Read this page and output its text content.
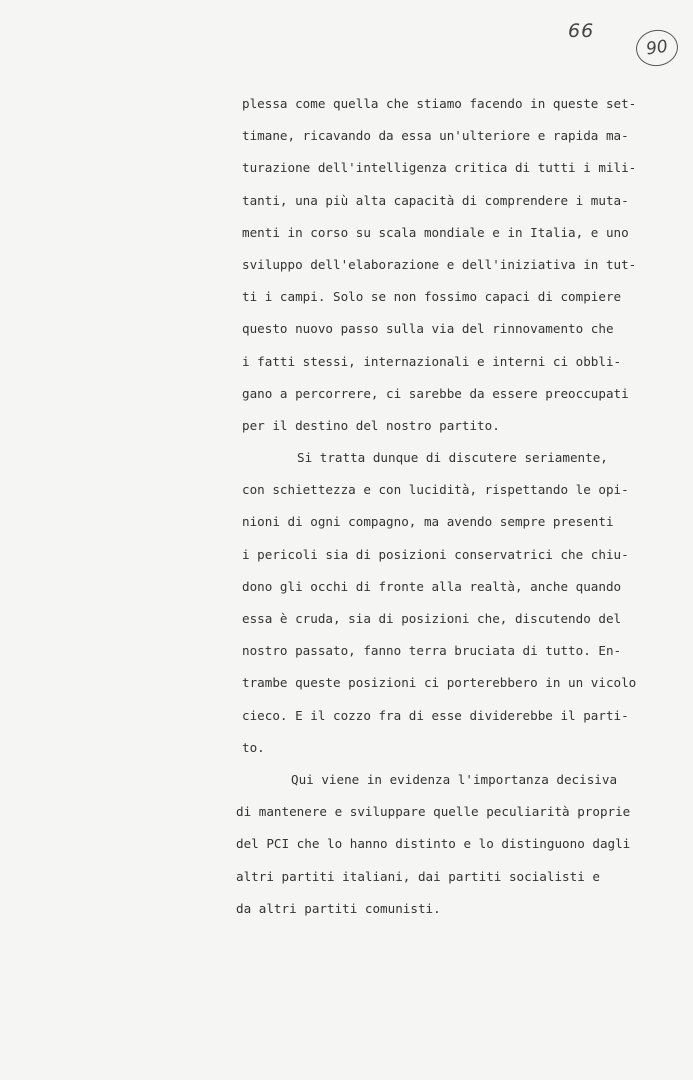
66
90
plessa come quella che stiamo facendo in queste set-
timane, ricavando da essa un'ulteriore e rapida ma-
turazione dell'intelligenza critica di tutti i mili-
tanti, una più alta capacità di comprendere i muta-
menti in corso su scala mondiale e in Italia, e uno
sviluppo dell'elaborazione e dell'iniziativa in tut-
ti i campi. Solo se non fossimo capaci di compiere
questo nuovo passo sulla via del rinnovamento che
i fatti stessi, internazionali e interni ci obbli-
gano a percorrere, ci sarebbe da essere preoccupati
per il destino del nostro partito.
Si tratta dunque di discutere seriamente,
con schiettezza e con lucidità, rispettando le opi-
nioni di ogni compagno, ma avendo sempre presenti
i pericoli sia di posizioni conservatrici che chiu-
dono gli occhi di fronte alla realtà, anche quando
essa è cruda, sia di posizioni che, discutendo del
nostro passato, fanno terra bruciata di tutto. En-
trambe queste posizioni ci porterebbero in un vicolo
cieco. E il cozzo fra di esse dividerebbe il parti-
to.
Qui viene in evidenza l'importanza decisiva
di mantenere e sviluppare quelle peculiarità proprie
del PCI che lo hanno distinto e lo distinguono dagli
altri partiti italiani, dai partiti socialisti e
da altri partiti comunisti.
